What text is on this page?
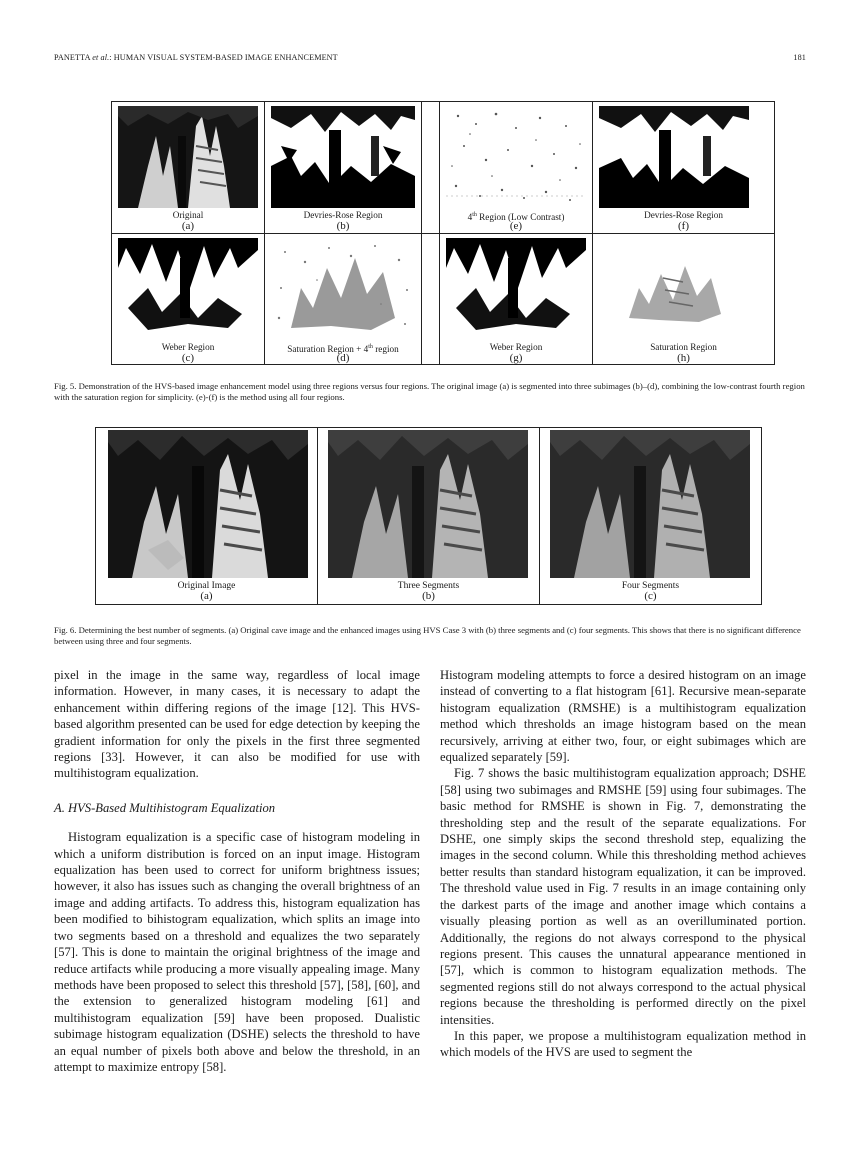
PANETTA et al.: HUMAN VISUAL SYSTEM-BASED IMAGE ENHANCEMENT	181
Original
(a)
Devries-Rose Region
(b)
4th Region (Low Contrast)
(e)
Devries-Rose Region
(f)
Weber Region
(c)
Saturation Region + 4th region
(d)
Weber Region
(g)
Saturation Region
(h)
Fig. 5. Demonstration of the HVS-based image enhancement model using three regions versus four regions. The original image (a) is segmented into three subimages (b)–(d), combining the low-contrast fourth region with the saturation region for simplicity. (e)-(f) is the method using all four regions.
Original Image
(a)
Three Segments
(b)
Four Segments
(c)
Fig. 6. Determining the best number of segments. (a) Original cave image and the enhanced images using HVS Case 3 with (b) three segments and (c) four segments. This shows that there is no significant difference between using three and four segments.

pixel in the image in the same way, regardless of local image information. However, in many cases, it is necessary to adapt the enhancement within differing regions of the image [12]. This HVS-based algorithm presented can be used for edge detection by keeping the gradient information for only the pixels in the first three segmented regions [33]. However, it can also be modified for use with multihistogram equalization.

A. HVS-Based Multihistogram Equalization

Histogram equalization is a specific case of histogram modeling in which a uniform distribution is forced on an input image. Histogram equalization has been used to correct for uniform brightness issues; however, it also has issues such as changing the overall brightness of an image and adding artifacts. To address this, histogram equalization has been modified to bihistogram equalization, which splits an image into two segments based on a threshold and equalizes the two separately [57]. This is done to maintain the original brightness of the image and reduce artifacts while producing a more visually appealing image. Many methods have been proposed to select this threshold [57], [58], [60], and the extension to generalized histogram modeling [61] and multihistogram equalization [59] have been proposed. Dualistic subimage histogram equalization (DSHE) selects the threshold to have an equal number of pixels both above and below the threshold, in an attempt to maximize entropy [58].

Histogram modeling attempts to force a desired histogram on an image instead of converting to a flat histogram [61]. Recursive mean-separate histogram equalization (RMSHE) is a multihistogram equalization method which thresholds an image histogram based on the mean recursively, arriving at either two, four, or eight subimages which are equalized separately [59].

Fig. 7 shows the basic multihistogram equalization approach; DSHE [58] using two subimages and RMSHE [59] using four subimages. The basic method for RMSHE is shown in Fig. 7, demonstrating the thresholding step and the result of the separate equalizations. For DSHE, one simply skips the second threshold step, equalizing the images in the second column. While this thresholding method achieves better results than standard histogram equalization, it can be improved. The threshold value used in Fig. 7 results in an image containing only the darkest parts of the image and another image which contains a visually pleasing portion as well as an overilluminated portion. Additionally, the regions do not always correspond to the physical regions present. This causes the unnatural appearance mentioned in [57], which is common to histogram equalization methods. The segmented regions still do not always correspond to the actual physical regions because the thresholding is performed directly on the pixel intensities.

In this paper, we propose a multihistogram equalization method in which models of the HVS are used to segment the
